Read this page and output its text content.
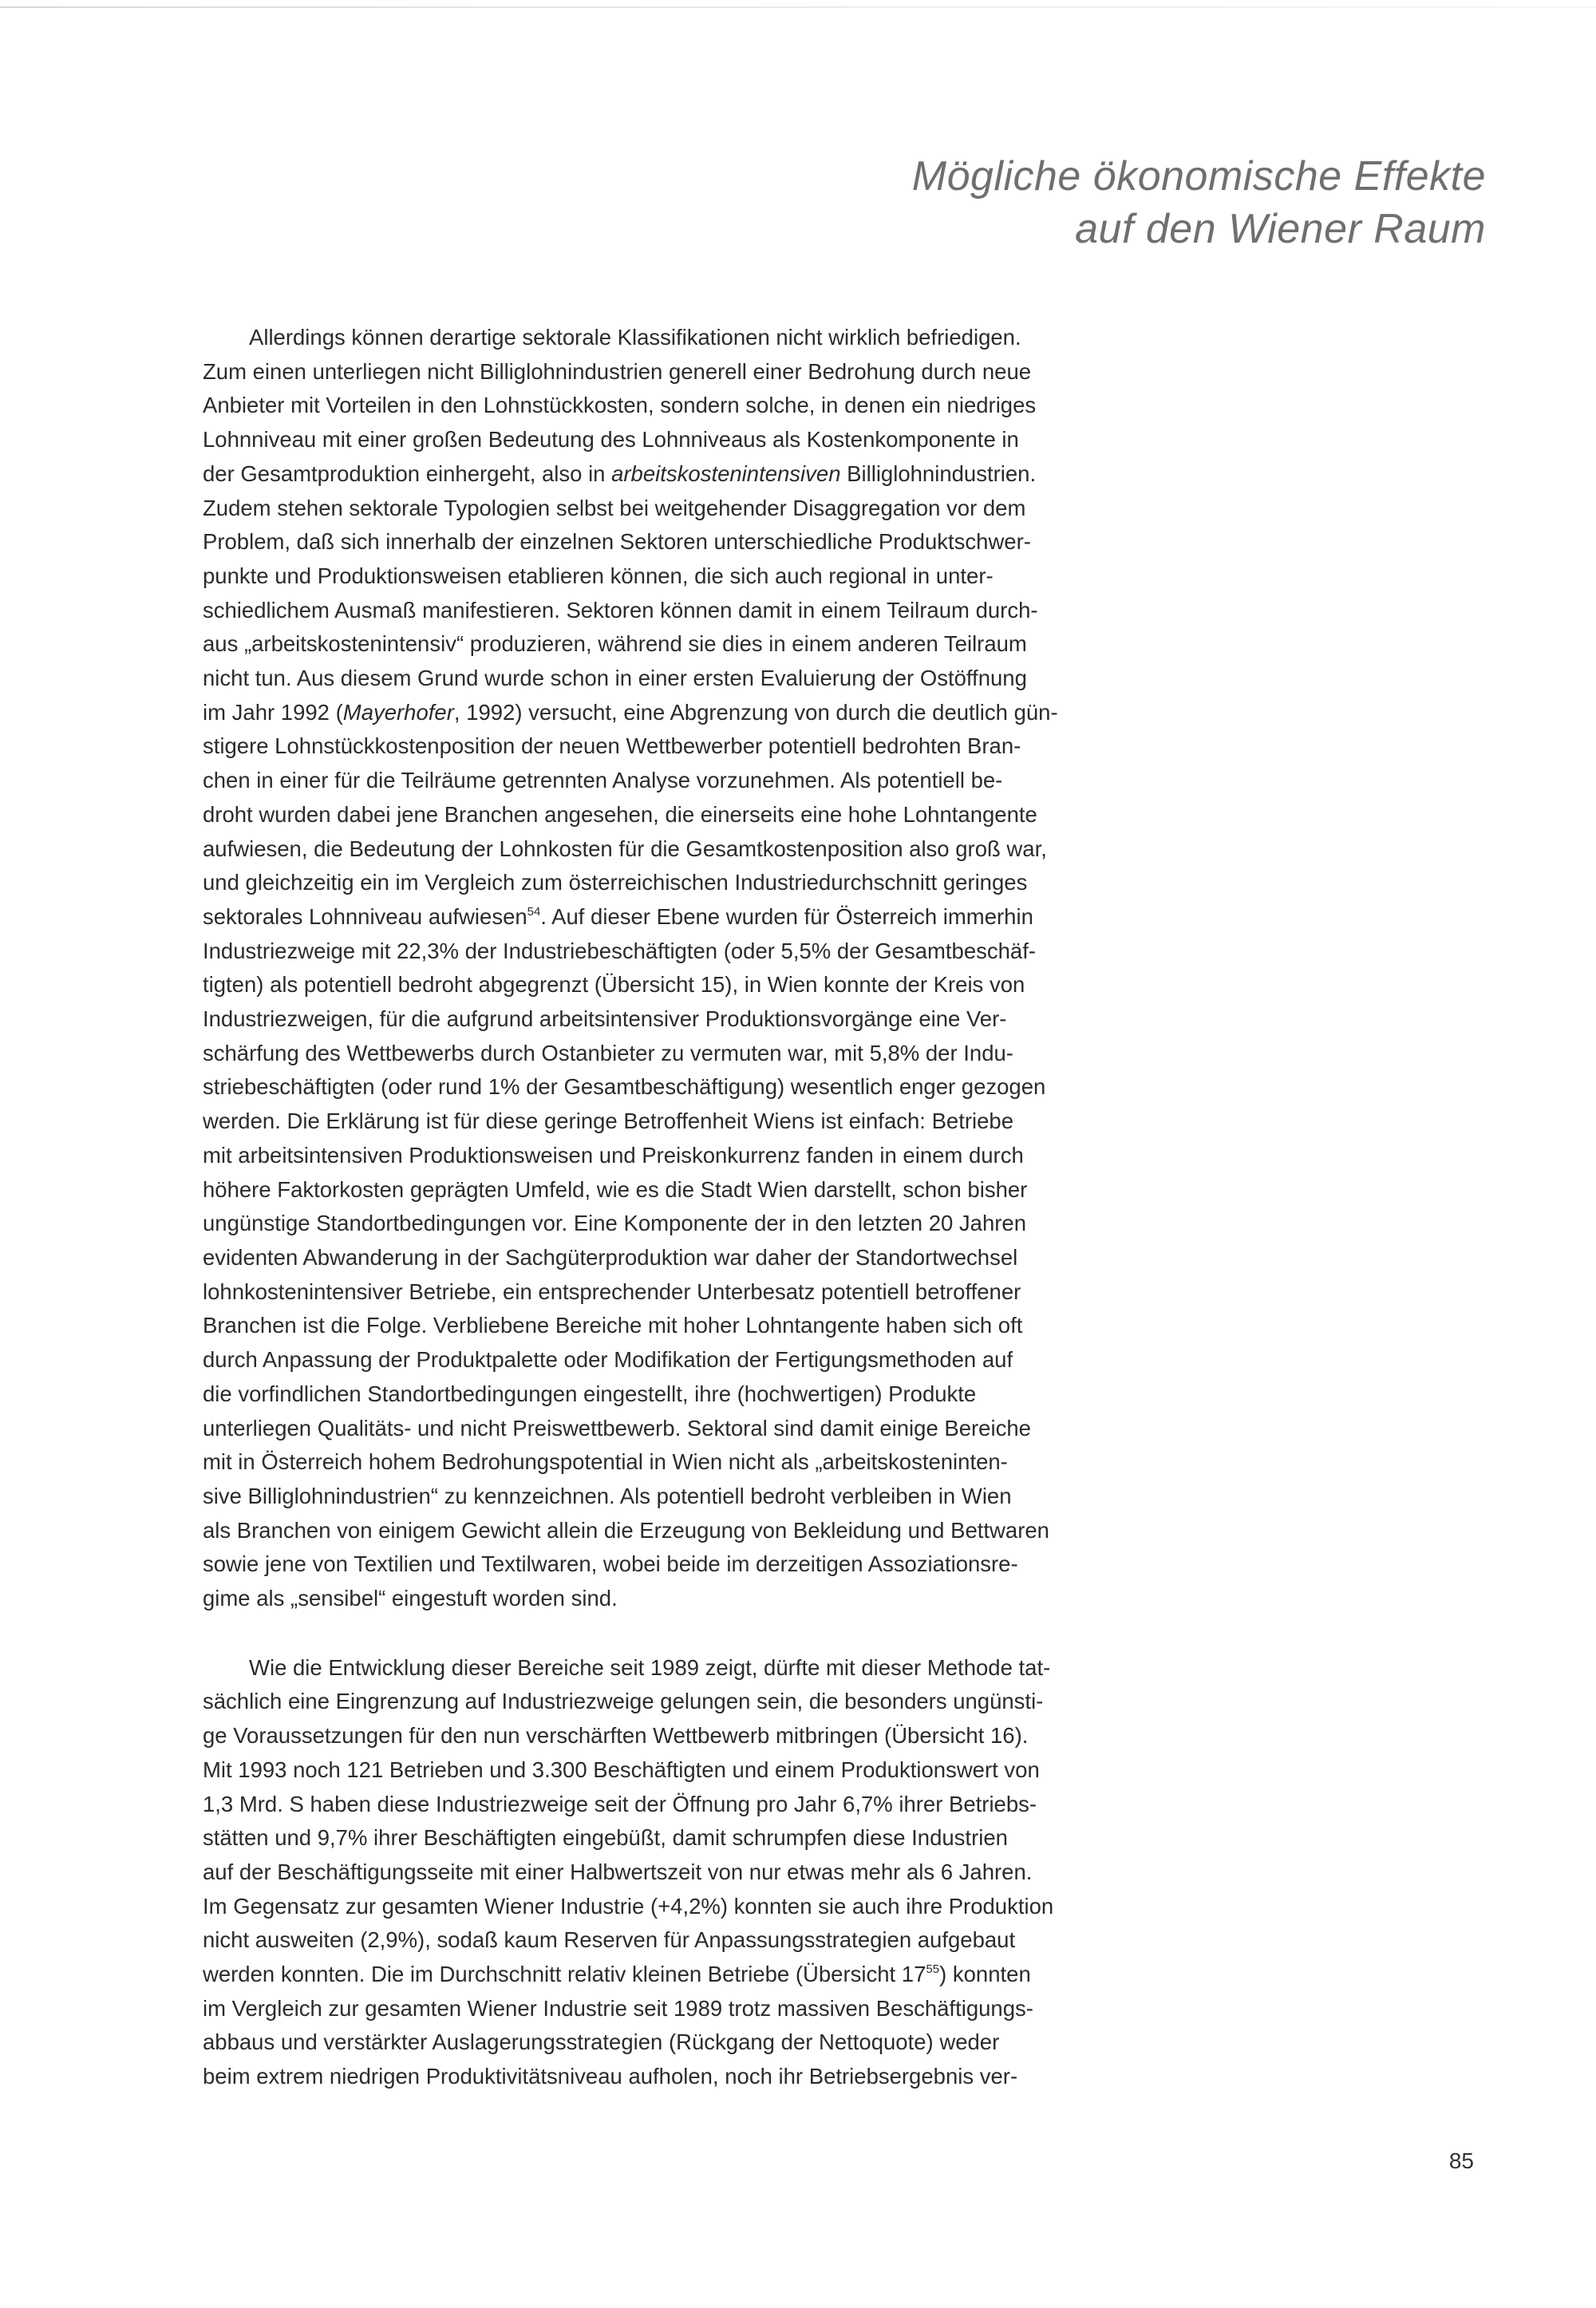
Mögliche ökonomische Effekte
auf den Wiener Raum

Allerdings können derartige sektorale Klassifikationen nicht wirklich befriedigen.
Zum einen unterliegen nicht Billiglohnindustrien generell einer Bedrohung durch neue
Anbieter mit Vorteilen in den Lohnstückkosten, sondern solche, in denen ein niedriges
Lohnniveau mit einer großen Bedeutung des Lohnniveaus als Kostenkomponente in
der Gesamtproduktion einhergeht, also in arbeitskostenintensiven Billiglohnindustrien.
Zudem stehen sektorale Typologien selbst bei weitgehender Disaggregation vor dem
Problem, daß sich innerhalb der einzelnen Sektoren unterschiedliche Produktschwer-
punkte und Produktionsweisen etablieren können, die sich auch regional in unter-
schiedlichem Ausmaß manifestieren. Sektoren können damit in einem Teilraum durch-
aus „arbeitskostenintensiv“ produzieren, während sie dies in einem anderen Teilraum
nicht tun. Aus diesem Grund wurde schon in einer ersten Evaluierung der Ostöffnung
im Jahr 1992 (Mayerhofer, 1992) versucht, eine Abgrenzung von durch die deutlich gün-
stigere Lohnstückkostenposition der neuen Wettbewerber potentiell bedrohten Bran-
chen in einer für die Teilräume getrennten Analyse vorzunehmen. Als potentiell be-
droht wurden dabei jene Branchen angesehen, die einerseits eine hohe Lohntangente
aufwiesen, die Bedeutung der Lohnkosten für die Gesamtkostenposition also groß war,
und gleichzeitig ein im Vergleich zum österreichischen Industriedurchschnitt geringes
sektorales Lohnniveau aufwiesen$^{54}$. Auf dieser Ebene wurden für Österreich immerhin
Industriezweige mit 22,3% der Industriebeschäftigten (oder 5,5% der Gesamtbeschäf-
tigten) als potentiell bedroht abgegrenzt (Übersicht 15), in Wien konnte der Kreis von
Industriezweigen, für die aufgrund arbeitsintensiver Produktionsvorgänge eine Ver-
schärfung des Wettbewerbs durch Ostanbieter zu vermuten war, mit 5,8% der Indu-
striebeschäftigten (oder rund 1% der Gesamtbeschäftigung) wesentlich enger gezogen
werden. Die Erklärung ist für diese geringe Betroffenheit Wiens ist einfach: Betriebe
mit arbeitsintensiven Produktionsweisen und Preiskonkurrenz fanden in einem durch
höhere Faktorkosten geprägten Umfeld, wie es die Stadt Wien darstellt, schon bisher
ungünstige Standortbedingungen vor. Eine Komponente der in den letzten 20 Jahren
evidenten Abwanderung in der Sachgüterproduktion war daher der Standortwechsel
lohnkostenintensiver Betriebe, ein entsprechender Unterbesatz potentiell betroffener
Branchen ist die Folge. Verbliebene Bereiche mit hoher Lohntangente haben sich oft
durch Anpassung der Produktpalette oder Modifikation der Fertigungsmethoden auf
die vorfindlichen Standortbedingungen eingestellt, ihre (hochwertigen) Produkte
unterliegen Qualitäts- und nicht Preiswettbewerb. Sektoral sind damit einige Bereiche
mit in Österreich hohem Bedrohungspotential in Wien nicht als „arbeitskosteninten-
sive Billiglohnindustrien“ zu kennzeichnen. Als potentiell bedroht verbleiben in Wien
als Branchen von einigem Gewicht allein die Erzeugung von Bekleidung und Bettwaren
sowie jene von Textilien und Textilwaren, wobei beide im derzeitigen Assoziationsre-
gime als „sensibel“ eingestuft worden sind.

Wie die Entwicklung dieser Bereiche seit 1989 zeigt, dürfte mit dieser Methode tat-
sächlich eine Eingrenzung auf Industriezweige gelungen sein, die besonders ungünsti-
ge Voraussetzungen für den nun verschärften Wettbewerb mitbringen (Übersicht 16).
Mit 1993 noch 121 Betrieben und 3.300 Beschäftigten und einem Produktionswert von
1,3 Mrd. S haben diese Industriezweige seit der Öffnung pro Jahr 6,7% ihrer Betriebs-
stätten und 9,7% ihrer Beschäftigten eingebüßt, damit schrumpfen diese Industrien
auf der Beschäftigungsseite mit einer Halbwertszeit von nur etwas mehr als 6 Jahren.
Im Gegensatz zur gesamten Wiener Industrie (+4,2%) konnten sie auch ihre Produktion
nicht ausweiten (2,9%), sodaß kaum Reserven für Anpassungsstrategien aufgebaut
werden konnten. Die im Durchschnitt relativ kleinen Betriebe (Übersicht $17^{55}$) konnten
im Vergleich zur gesamten Wiener Industrie seit 1989 trotz massiven Beschäftigungs-
abbaus und verstärkter Auslagerungsstrategien (Rückgang der Nettoquote) weder
beim extrem niedrigen Produktivitätsniveau aufholen, noch ihr Betriebsergebnis ver-

85
